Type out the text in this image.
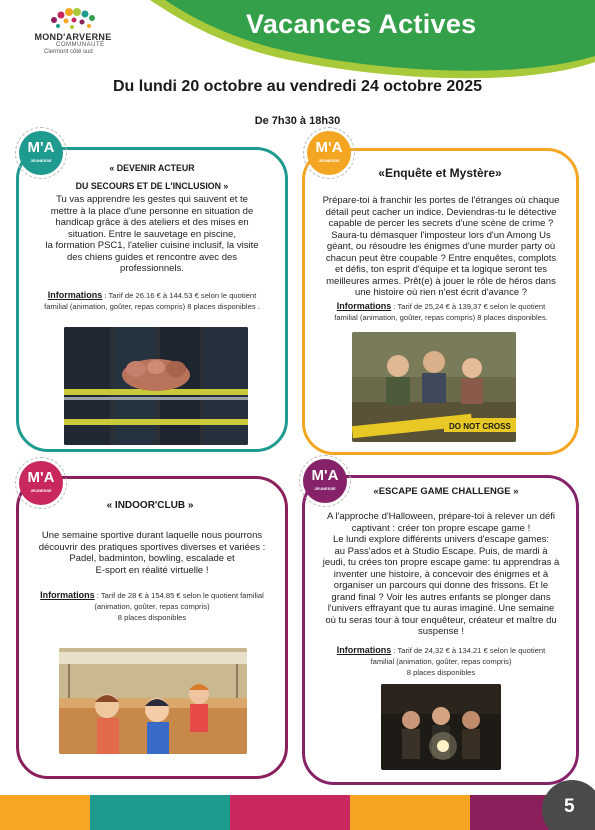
Vacances Actives
MOND'ARVERNE
COMMUNAUTÉ
Clermont côté sud
Du lundi 20 octobre au vendredi 24 octobre 2025
De 7h30 à 18h30
M'A
JEUNESSE
« DEVENIR ACTEUR
DU SECOURS ET DE L'INCLUSION »
Tu vas apprendre les gestes qui sauvent et te
mettre à la place d'une personne en situation de
handicap grâce à des ateliers et des mises en
situation. Entre le sauvetage en piscine,
la formation PSC1, l'atelier cuisine inclusif, la visite
des chiens guides et rencontre avec des
professionnels.
Informations : Tarif de 26.16 € à 144.53 € selon le quotient
familial (animation, goûter, repas compris) 8 places disponibles .
M'A
JEUNESSE
«Enquête et Mystère»
Prépare-toi à franchir les portes de l'étranges où chaque
détail peut cacher un indice. Deviendras-tu le détective
capable de percer les secrets d'une scène de crime ?
Saura-tu démasquer l'imposteur lors d'un Among Us
géant, ou résoudre les énigmes d'une murder party où
chacun peut être coupable ? Entre enquêtes, complots
et défis, ton esprit d'équipe et ta logique seront tes
meilleures armes. Prêt(e) à jouer le rôle de héros dans
une histoire où rien n'est écrit d'avance ?
Informations : Tarif de 25,24 € à 139,37 € selon le quotient
familial (animation, goûter, repas compris) 8 places disponibles.
DO NOT CROSS
M'A
JEUNESSE
« INDOOR'CLUB »
Une semaine sportive durant laquelle nous pourrons
découvrir des pratiques sportives diverses et variées :
Padel, badminton, bowling, escalade et
E-sport en réalité virtuelle !
Informations : Tarif de 28 € à 154.85 € selon le quotient familial
(animation, goûter, repas compris)
8 places disponibles
M'A
JEUNESSE	«ESCAPE GAME CHALLENGE »
A l'approche d'Halloween, prépare-toi à relever un défi
captivant : créer ton propre escape game !
Le lundi explore différents univers d'escape games:
au Pass'ados et à Studio Escape. Puis, de mardi à
jeudi, tu crées ton propre escape game: tu apprendras à
inventer une histoire, à concevoir des énigmes et à
organiser un parcours qui donne des frissons. Et le
grand final ? Voir les autres enfants se plonger dans
l'univers effrayant que tu auras imaginé. Une semaine
où tu seras tour à tour enquêteur, créateur et maître du
suspense !
Informations : Tarif de 24,32 € à 134.21 € selon le quotient
familial (animation, goûter, repas compris)
8 places disponibles
5
